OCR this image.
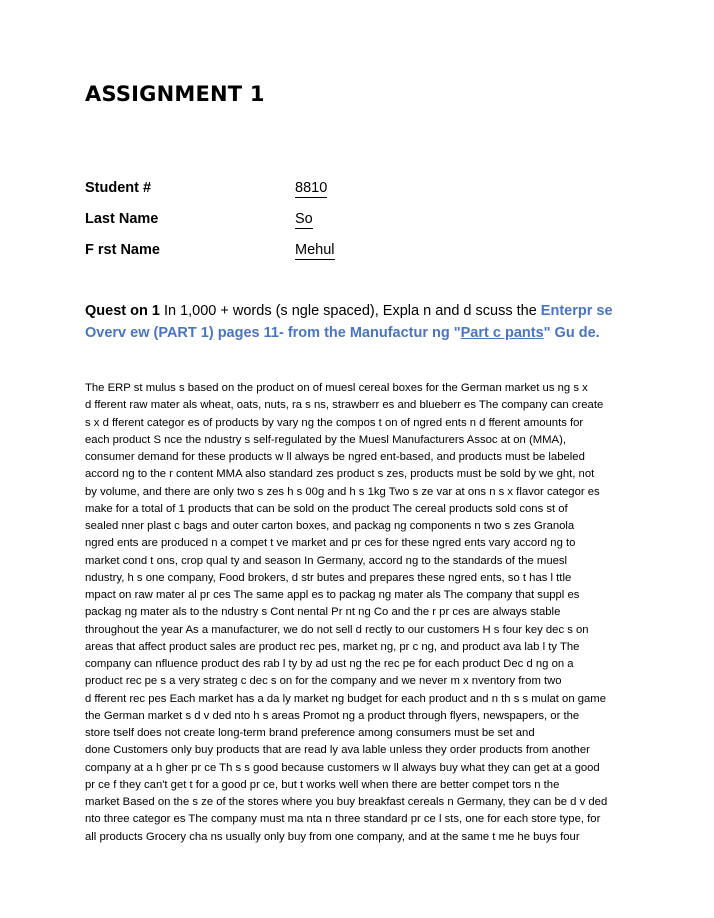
ASSIGNMENT 1
Student #	8810
Last Name	So
F rst Name	Mehul
Quest on 1 In 1,000 + words (s ngle spaced), Expla n and d scuss the Enterpr se Overv ew (PART 1) pages 11- from the Manufactur ng "Part c pants" Gu de.
The ERP st mulus s based on the product on of muesl cereal boxes for the German market us ng s x
d fferent raw mater als wheat, oats, nuts, ra s ns, strawberr es and blueberr es The company can create
s x d fferent categor es of products by vary ng the compos t on of ngred ents n d fferent amounts for
each product S nce the ndustry s self-regulated by the Muesl Manufacturers Assoc at on (MMA),
consumer demand for these products w ll always be ngred ent-based, and products must be labeled
accord ng to the r content MMA also standard zes product s zes, products must be sold by we ght, not
by volume, and there are only two s zes h s 00g and h s 1kg Two s ze var at ons n s x flavor categor es
make for a total of 1 products that can be sold on the product The cereal products sold cons st of
sealed nner plast c bags and outer carton boxes, and packag ng components n two s zes Granola
ngred ents are produced n a compet t ve market and pr ces for these ngred ents vary accord ng to
market cond t ons, crop qual ty and season In Germany, accord ng to the standards of the muesl
ndustry, h s one company, Food brokers, d str butes and prepares these ngred ents, so t has l ttle
mpact on raw mater al pr ces The same appl es to packag ng mater als The company that suppl es
packag ng mater als to the ndustry s Cont nental Pr nt ng Co and the r pr ces are always stable
throughout the year As a manufacturer, we do not sell d rectly to our customers H s four key dec s on
areas that affect product sales are product rec pes, market ng, pr c ng, and product ava lab l ty The
company can nfluence product des rab l ty by ad ust ng the rec pe for each product Dec d ng on a
product rec pe s a very strateg c dec s on for the company and we never m x nventory from two
d fferent rec pes Each market has a da ly market ng budget for each product and n th s s mulat on game
the German market s d v ded nto h s areas Promot ng a product through flyers, newspapers, or the
store tself does not create long-term brand preference among consumers must be set and
done Customers only buy products that are read ly ava lable unless they order products from another
company at a h gher pr ce Th s s good because customers w ll always buy what they can get at a good
pr ce f they can't get t for a good pr ce, but t works well when there are better compet tors n the
market Based on the s ze of the stores where you buy breakfast cereals n Germany, they can be d v ded
nto three categor es The company must ma nta n three standard pr ce l sts, one for each store type, for
all products Grocery cha ns usually only buy from one company, and at the same t me he buys four
